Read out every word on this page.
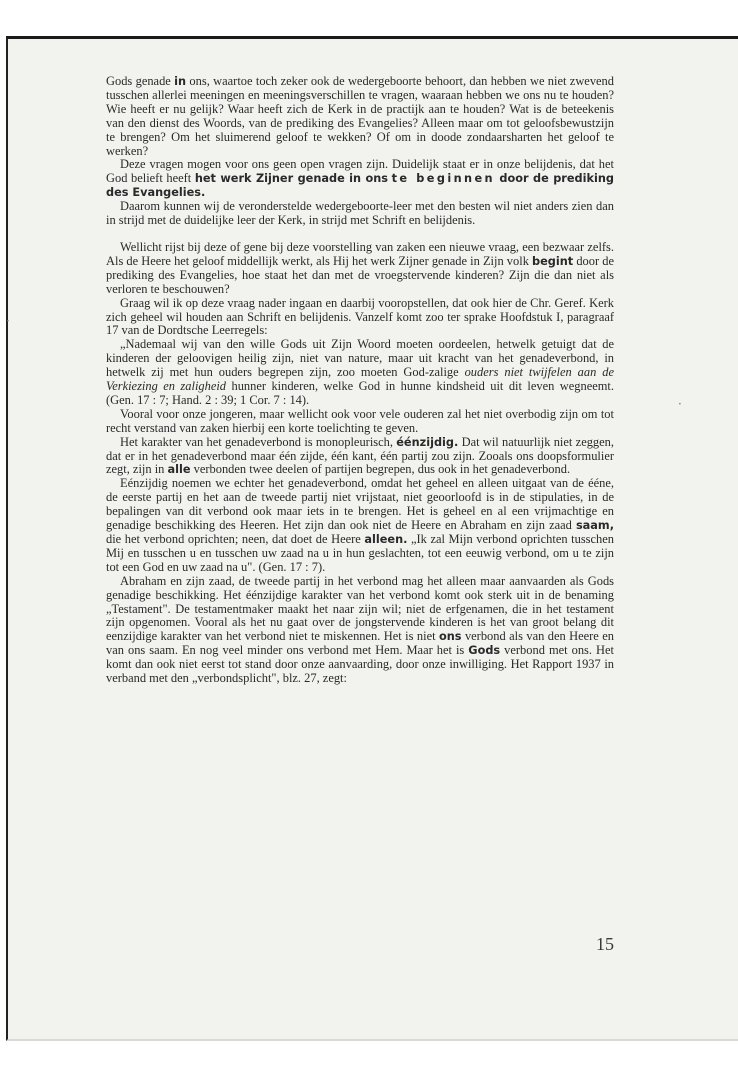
·
·

Gods genade in ons, waartoe toch zeker ook de wedergeboorte behoort, dan hebben we niet zwevend tusschen allerlei meeningen en meeningsverschillen te vragen, waaraan hebben we ons nu te houden? Wie heeft er nu gelijk? Waar heeft zich de Kerk in de practijk aan te houden? Wat is de beteekenis van den dienst des Woords, van de prediking des Evangelies? Alleen maar om tot geloofsbewustzijn te brengen? Om het sluimerend geloof te wekken? Of om in doode zondaarsharten het geloof te werken?

Deze vragen mogen voor ons geen open vragen zijn. Duidelijk staat er in onze belijdenis, dat het God belieft heeft het werk Zijner genade in ons te beginnen door de prediking des Evangelies.

Daarom kunnen wij de veronderstelde wedergeboorte-leer met den besten wil niet anders zien dan in strijd met de duidelijke leer der Kerk, in strijd met Schrift en belijdenis.

Wellicht rijst bij deze of gene bij deze voorstelling van zaken een nieuwe vraag, een bezwaar zelfs. Als de Heere het geloof middellijk werkt, als Hij het werk Zijner genade in Zijn volk begint door de prediking des Evangelies, hoe staat het dan met de vroegstervende kinderen? Zijn die dan niet als verloren te beschouwen?

Graag wil ik op deze vraag nader ingaan en daarbij vooropstellen, dat ook hier de Chr. Geref. Kerk zich geheel wil houden aan Schrift en belijdenis. Vanzelf komt zoo ter sprake Hoofdstuk I, paragraaf 17 van de Dordtsche Leerregels:

„Nademaal wij van den wille Gods uit Zijn Woord moeten oordeelen, hetwelk getuigt dat de kinderen der geloovigen heilig zijn, niet van nature, maar uit kracht van het genadeverbond, in hetwelk zij met hun ouders begrepen zijn, zoo moeten God-zalige ouders niet twijfelen aan de Verkiezing en zaligheid hunner kinderen, welke God in hunne kindsheid uit dit leven wegneemt. (Gen. 17 : 7; Hand. 2 : 39; 1 Cor. 7 : 14).

Vooral voor onze jongeren, maar wellicht ook voor vele ouderen zal het niet overbodig zijn om tot recht verstand van zaken hierbij een korte toelichting te geven.

Het karakter van het genadeverbond is monopleurisch, éénzijdig. Dat wil natuurlijk niet zeggen, dat er in het genadeverbond maar één zijde, één kant, één partij zou zijn. Zooals ons doopsformulier zegt, zijn in alle verbonden twee deelen of partijen begrepen, dus ook in het genadeverbond.

Eénzijdig noemen we echter het genadeverbond, omdat het geheel en alleen uitgaat van de ééne, de eerste partij en het aan de tweede partij niet vrijstaat, niet geoorloofd is in de stipulaties, in de bepalingen van dit verbond ook maar iets in te brengen. Het is geheel en al een vrijmachtige en genadige beschikking des Heeren. Het zijn dan ook niet de Heere en Abraham en zijn zaad saam, die het verbond oprichten; neen, dat doet de Heere alleen. „Ik zal Mijn verbond oprichten tusschen Mij en tusschen u en tusschen uw zaad na u in hun geslachten, tot een eeuwig verbond, om u te zijn tot een God en uw zaad na u". (Gen. 17 : 7).

Abraham en zijn zaad, de tweede partij in het verbond mag het alleen maar aanvaarden als Gods genadige beschikking. Het éénzijdige karakter van het verbond komt ook sterk uit in de benaming „Testament". De testamentmaker maakt het naar zijn wil; niet de erfgenamen, die in het testament zijn opgenomen. Vooral als het nu gaat over de jongstervende kinderen is het van groot belang dit eenzijdige karakter van het verbond niet te miskennen. Het is niet ons verbond als van den Heere en van ons saam. En nog veel minder ons verbond met Hem. Maar het is Gods verbond met ons. Het komt dan ook niet eerst tot stand door onze aanvaarding, door onze inwilliging. Het Rapport 1937 in verband met den „verbondsplicht", blz. 27, zegt:

15
